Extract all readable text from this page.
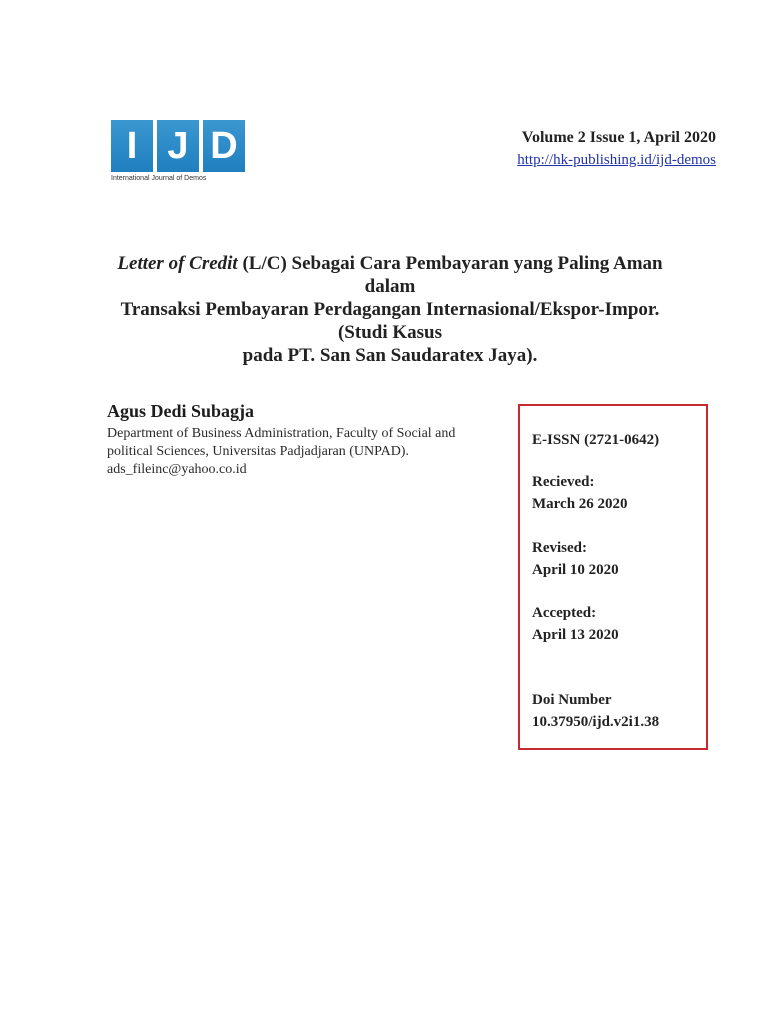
I J D
International Journal of Demos
Volume 2 Issue 1, April 2020
http://hk-publishing.id/ijd-demos
Letter of Credit (L/C) Sebagai Cara Pembayaran yang Paling Aman dalam
Transaksi Pembayaran Perdagangan Internasional/Ekspor-Impor. (Studi Kasus
pada PT. San San Saudaratex Jaya).
Agus Dedi Subagja
Department of Business Administration, Faculty of Social and
political Sciences, Universitas Padjadjaran (UNPAD).
ads_fileinc@yahoo.co.id
E-ISSN (2721-0642)
Recieved:
March 26 2020
Revised:
April 10 2020
Accepted:
April 13 2020
Doi Number
10.37950/ijd.v2i1.38
